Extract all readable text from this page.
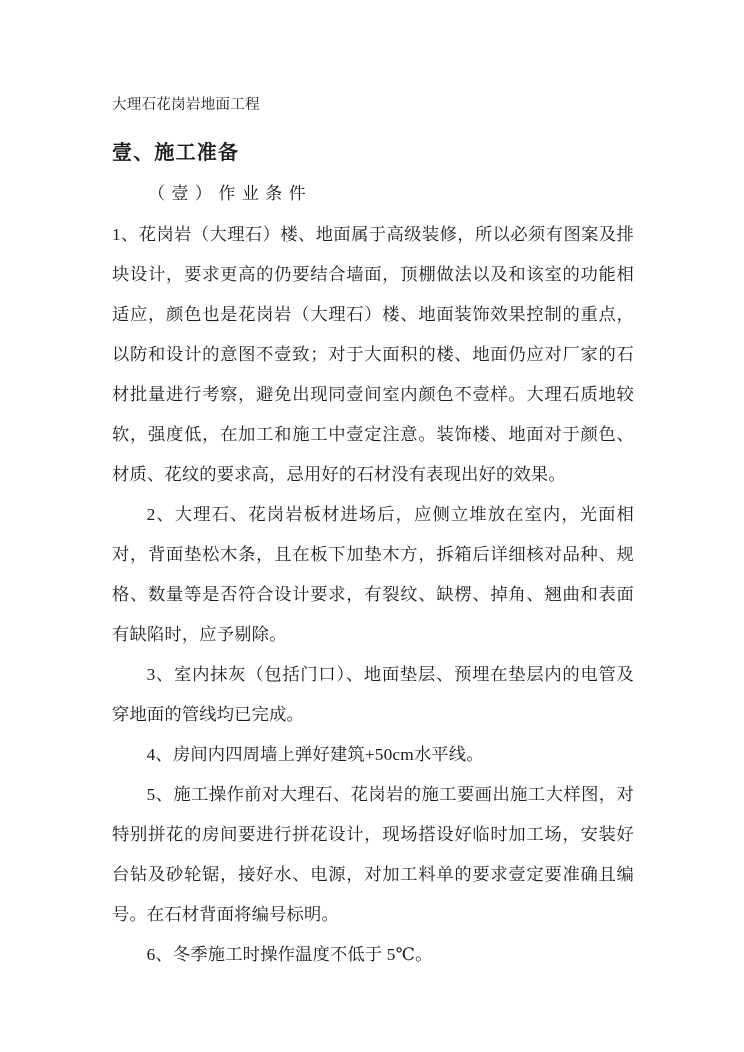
大理石花岗岩地面工程

壹、施工准备

（壹）作业条件

1、花岗岩（大理石）楼、地面属于高级装修，所以必须有图案及排块设计，要求更高的仍要结合墙面，顶棚做法以及和该室的功能相适应，颜色也是花岗岩（大理石）楼、地面装饰效果控制的重点，以防和设计的意图不壹致；对于大面积的楼、地面仍应对厂家的石材批量进行考察，避免出现同壹间室内颜色不壹样。大理石质地较软，强度低，在加工和施工中壹定注意。装饰楼、地面对于颜色、材质、花纹的要求高，忌用好的石材没有表现出好的效果。

2、大理石、花岗岩板材进场后，应侧立堆放在室内，光面相对，背面垫松木条，且在板下加垫木方，拆箱后详细核对品种、规格、数量等是否符合设计要求，有裂纹、缺楞、掉角、翘曲和表面有缺陷时，应予剔除。

3、室内抹灰（包括门口）、地面垫层、预埋在垫层内的电管及穿地面的管线均已完成。

4、房间内四周墙上弹好建筑+50cm水平线。

5、施工操作前对大理石、花岗岩的施工要画出施工大样图，对特别拼花的房间要进行拼花设计，现场搭设好临时加工场，安装好台钻及砂轮锯，接好水、电源，对加工料单的要求壹定要准确且编号。在石材背面将编号标明。

6、冬季施工时操作温度不低于 5℃。
